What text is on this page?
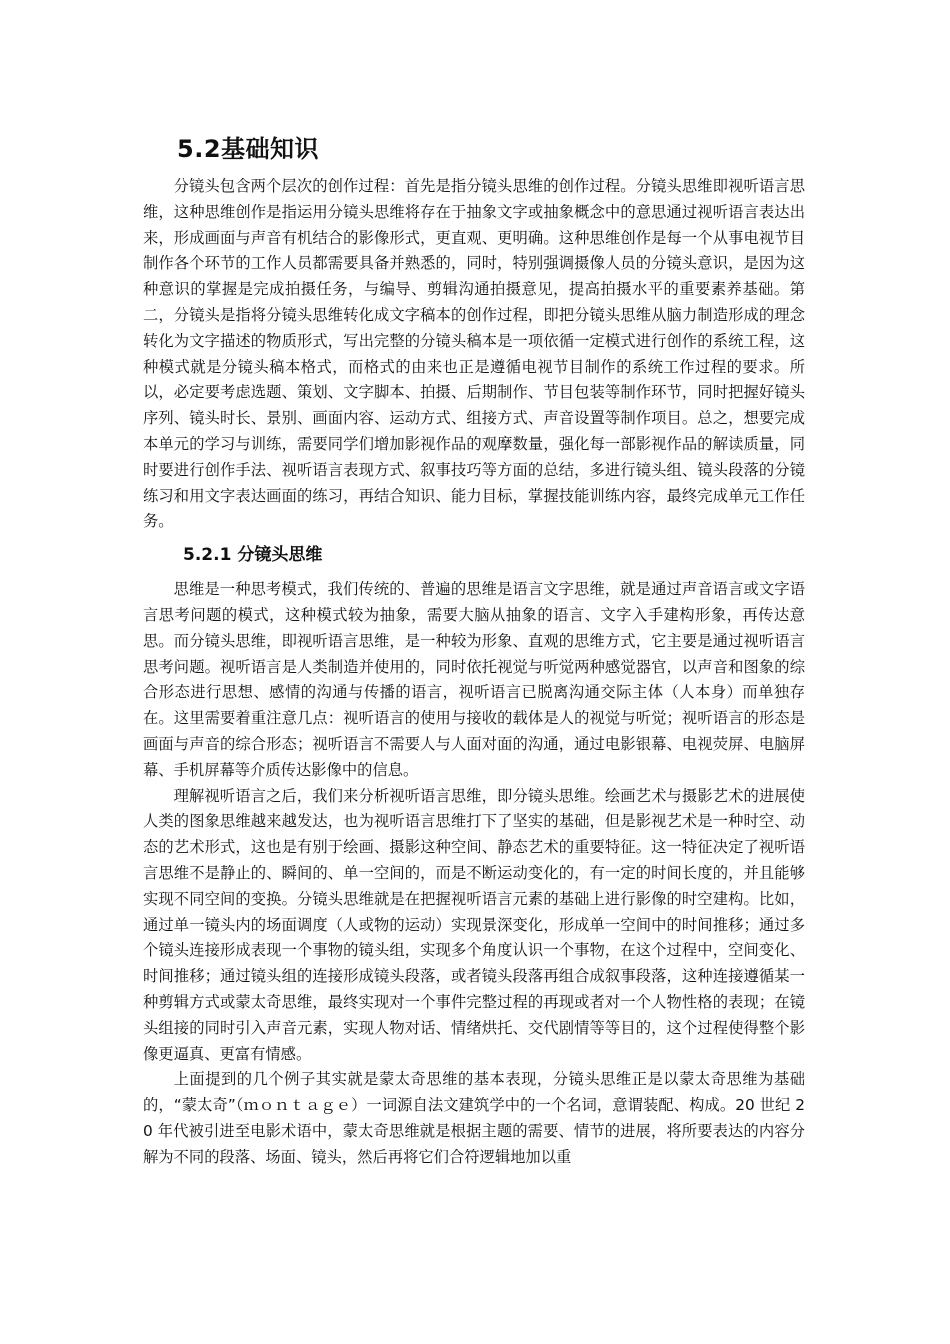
5.2基础知识

分镜头包含两个层次的创作过程：首先是指分镜头思维的创作过程。分镜头思维即视听语言思维，这种思维创作是指运用分镜头思维将存在于抽象文字或抽象概念中的意思通过视听语言表达出来，形成画面与声音有机结合的影像形式，更直观、更明确。这种思维创作是每一个从事电视节目制作各个环节的工作人员都需要具备并熟悉的，同时，特别强调摄像人员的分镜头意识，是因为这种意识的掌握是完成拍摄任务，与编导、剪辑沟通拍摄意见，提高拍摄水平的重要素养基础。第二，分镜头是指将分镜头思维转化成文字稿本的创作过程，即把分镜头思维从脑力制造形成的理念转化为文字描述的物质形式，写出完整的分镜头稿本是一项依循一定模式进行创作的系统工程，这种模式就是分镜头稿本格式，而格式的由来也正是遵循电视节目制作的系统工作过程的要求。所以，必定要考虑选题、策划、文字脚本、拍摄、后期制作、节目包装等制作环节，同时把握好镜头序列、镜头时长、景别、画面内容、运动方式、组接方式、声音设置等制作项目。总之，想要完成本单元的学习与训练，需要同学们增加影视作品的观摩数量，强化每一部影视作品的解读质量，同时要进行创作手法、视听语言表现方式、叙事技巧等方面的总结，多进行镜头组、镜头段落的分镜练习和用文字表达画面的练习，再结合知识、能力目标，掌握技能训练内容，最终完成单元工作任务。

5.2.1 分镜头思维

思维是一种思考模式，我们传统的、普遍的思维是语言文字思维，就是通过声音语言或文字语言思考问题的模式，这种模式较为抽象，需要大脑从抽象的语言、文字入手建构形象，再传达意思。而分镜头思维，即视听语言思维，是一种较为形象、直观的思维方式，它主要是通过视听语言思考问题。视听语言是人类制造并使用的，同时依托视觉与听觉两种感觉器官，以声音和图象的综合形态进行思想、感情的沟通与传播的语言，视听语言已脱离沟通交际主体（人本身）而单独存在。这里需要着重注意几点：视听语言的使用与接收的载体是人的视觉与听觉；视听语言的形态是画面与声音的综合形态；视听语言不需要人与人面对面的沟通，通过电影银幕、电视荧屏、电脑屏幕、手机屏幕等介质传达影像中的信息。

理解视听语言之后，我们来分析视听语言思维，即分镜头思维。绘画艺术与摄影艺术的进展使人类的图象思维越来越发达，也为视听语言思维打下了坚实的基础，但是影视艺术是一种时空、动态的艺术形式，这也是有别于绘画、摄影这种空间、静态艺术的重要特征。这一特征决定了视听语言思维不是静止的、瞬间的、单一空间的，而是不断运动变化的，有一定的时间长度的，并且能够实现不同空间的变换。分镜头思维就是在把握视听语言元素的基础上进行影像的时空建构。比如，通过单一镜头内的场面调度（人或物的运动）实现景深变化，形成单一空间中的时间推移；通过多个镜头连接形成表现一个事物的镜头组，实现多个角度认识一个事物，在这个过程中，空间变化、时间推移；通过镜头组的连接形成镜头段落，或者镜头段落再组合成叙事段落，这种连接遵循某一种剪辑方式或蒙太奇思维，最终实现对一个事件完整过程的再现或者对一个人物性格的表现；在镜头组接的同时引入声音元素，实现人物对话、情绪烘托、交代剧情等等目的，这个过程使得整个影像更逼真、更富有情感。

上面提到的几个例子其实就是蒙太奇思维的基本表现，分镜头思维正是以蒙太奇思维为基础的，“蒙太奇”（ｍｏｎｔａｇｅ）一词源自法文建筑学中的一个名词，意谓装配、构成。20 世纪 20 年代被引进至电影术语中，蒙太奇思维就是根据主题的需要、情节的进展，将所要表达的内容分解为不同的段落、场面、镜头，然后再将它们合符逻辑地加以重
